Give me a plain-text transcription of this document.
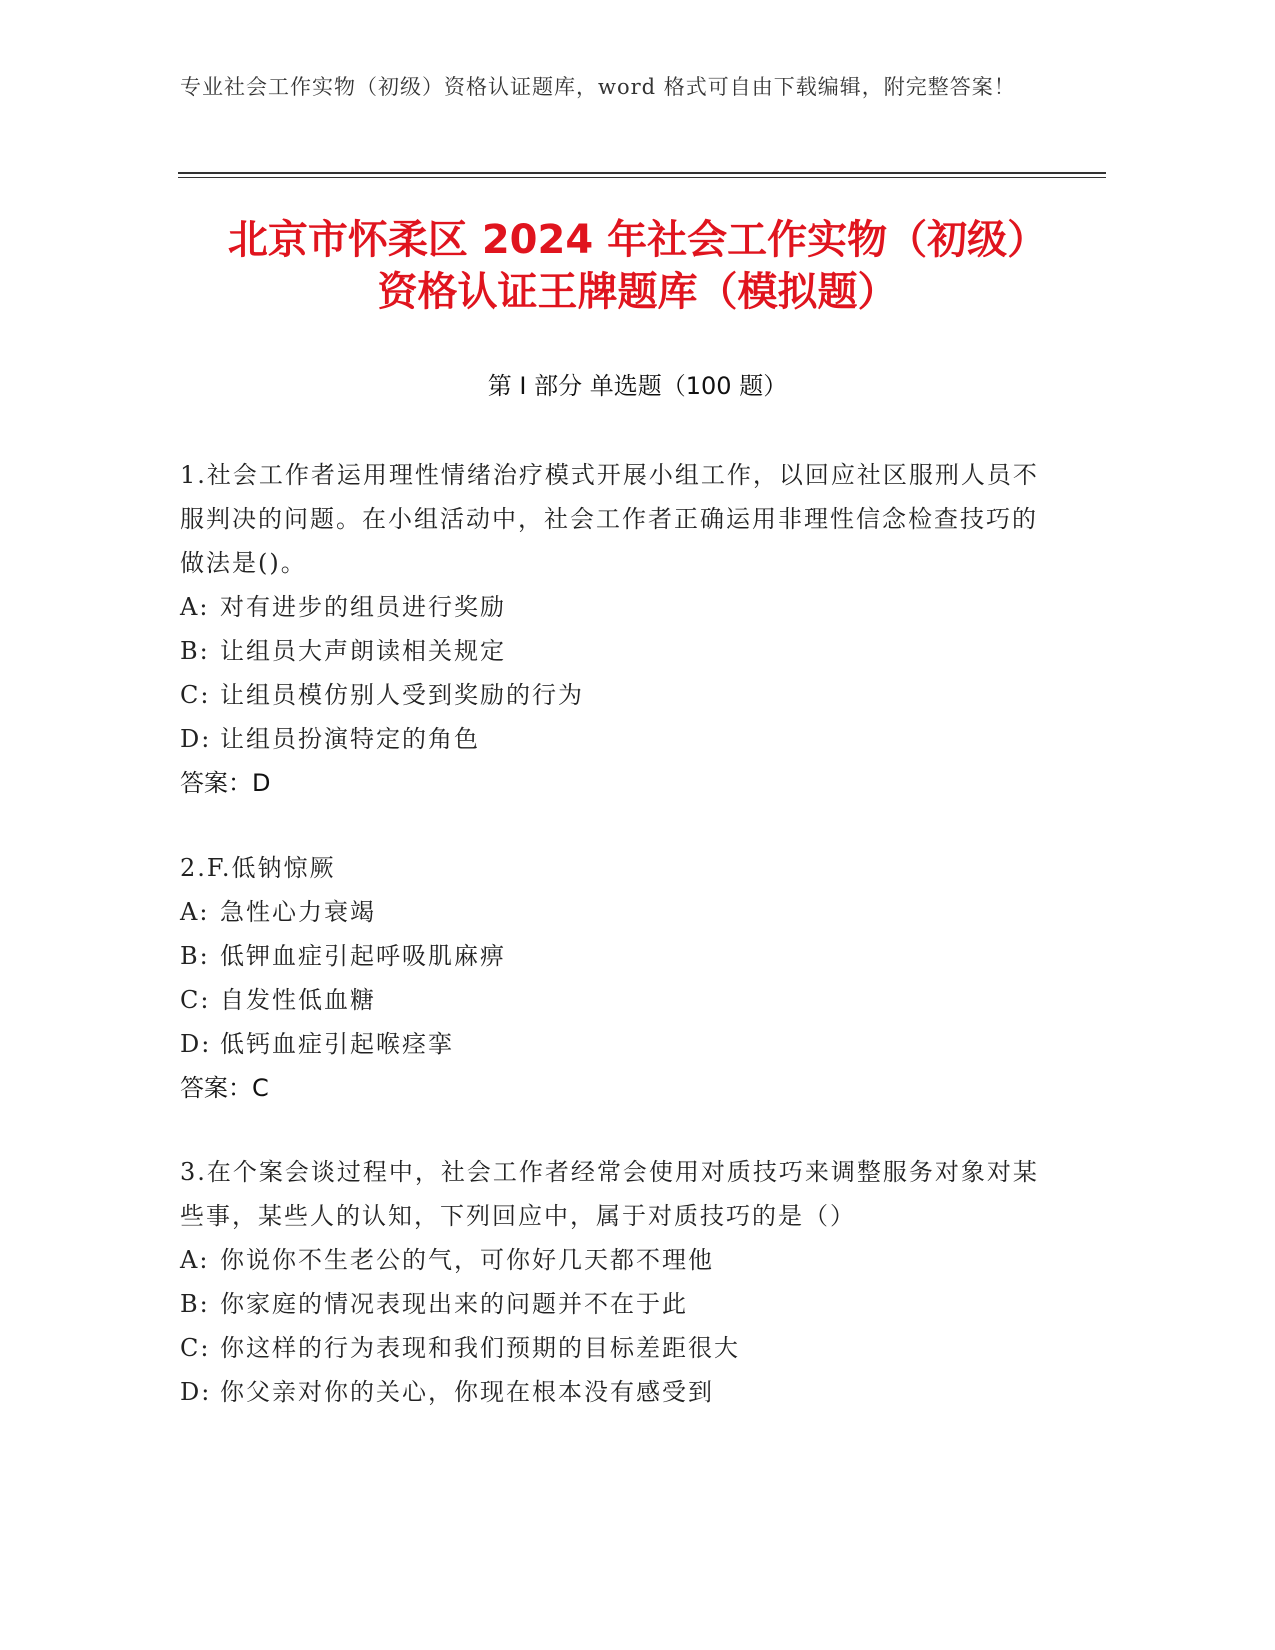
专业社会工作实物（初级）资格认证题库，word 格式可自由下载编辑，附完整答案！
北京市怀柔区 2024 年社会工作实物（初级）
资格认证王牌题库（模拟题）
第 I 部分 单选题（100 题）
1.社会工作者运用理性情绪治疗模式开展小组工作，以回应社区服刑人员不服判决的问题。在小组活动中，社会工作者正确运用非理性信念检查技巧的做法是()。
A: 对有进步的组员进行奖励
B: 让组员大声朗读相关规定
C: 让组员模仿别人受到奖励的行为
D: 让组员扮演特定的角色
答案：D
2.F.低钠惊厥
A: 急性心力衰竭
B: 低钾血症引起呼吸肌麻痹
C: 自发性低血糖
D: 低钙血症引起喉痉挛
答案：C
3.在个案会谈过程中，社会工作者经常会使用对质技巧来调整服务对象对某些事，某些人的认知，下列回应中，属于对质技巧的是（）
A: 你说你不生老公的气，可你好几天都不理他
B: 你家庭的情况表现出来的问题并不在于此
C: 你这样的行为表现和我们预期的目标差距很大
D: 你父亲对你的关心，你现在根本没有感受到
